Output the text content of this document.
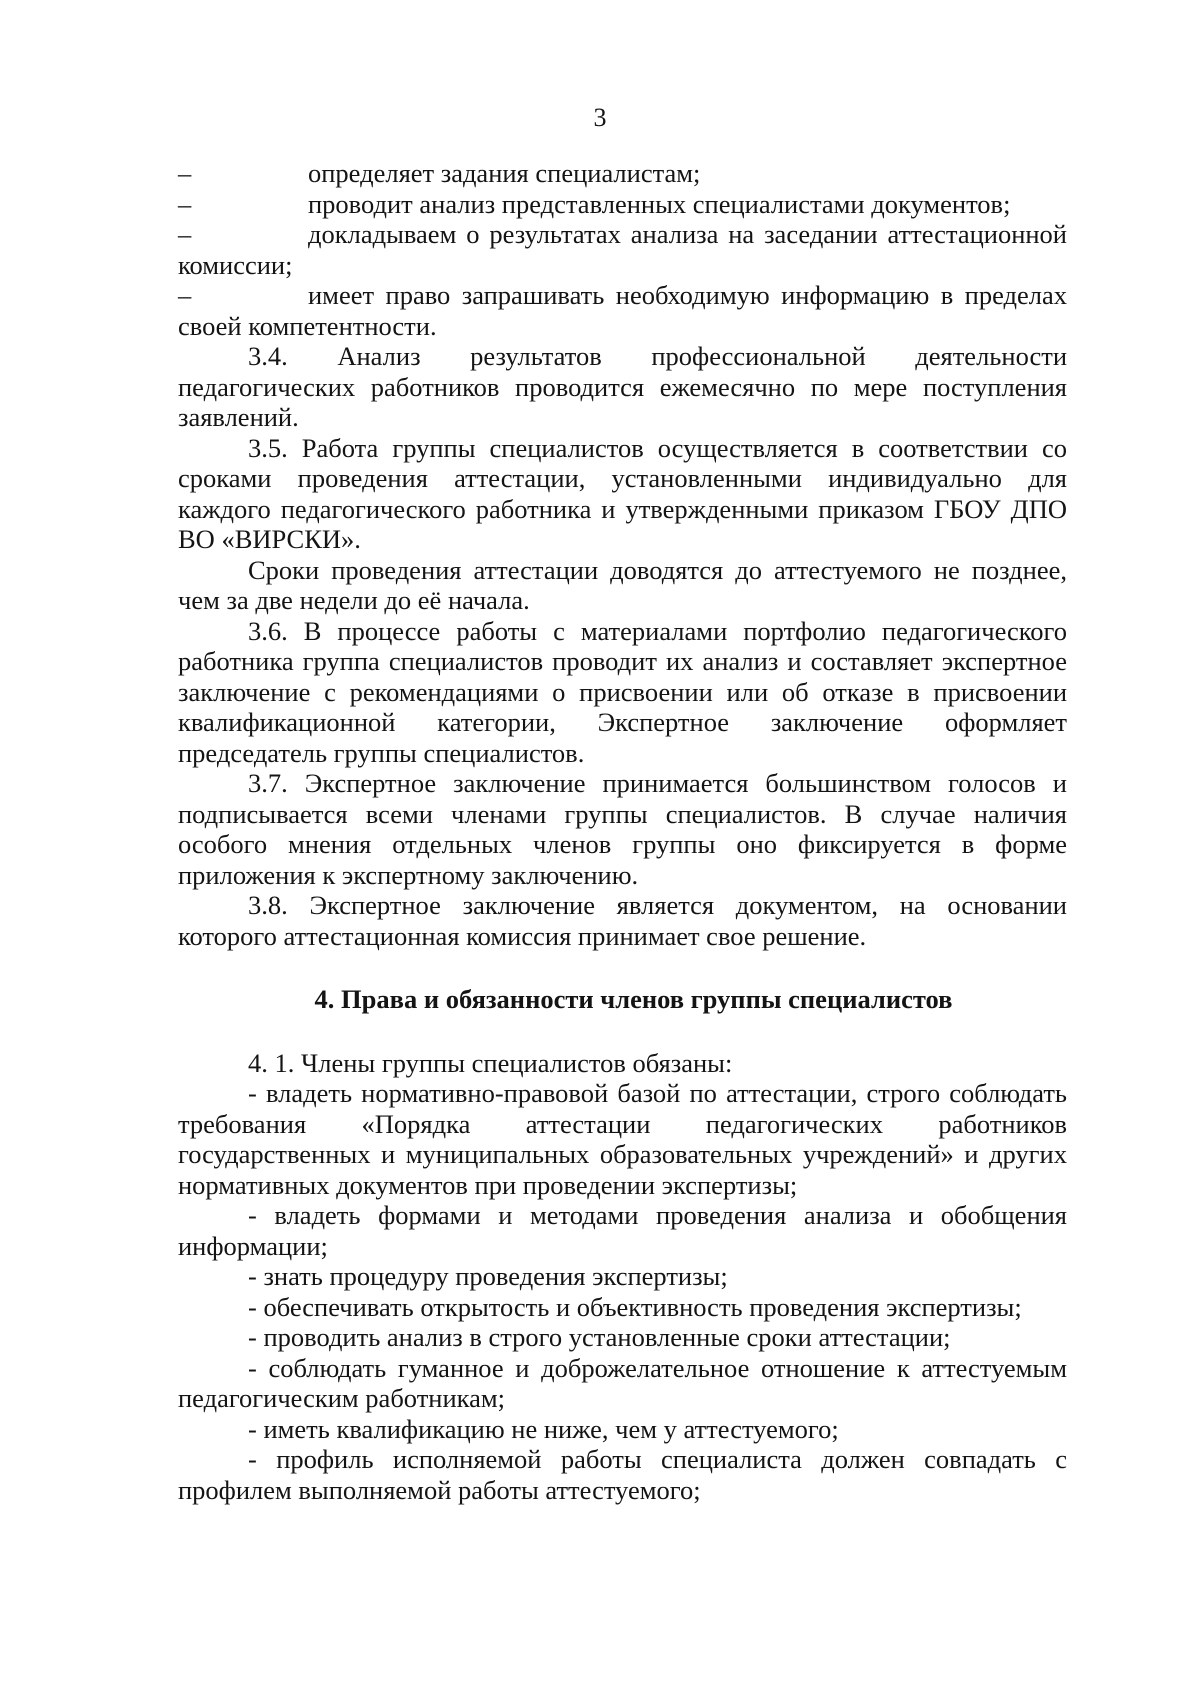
3

–	определяет задания специалистам;

–	проводит анализ представленных специалистами документов;

–	докладываем о результатах анализа на заседании аттестационной комиссии;

–	имеет право запрашивать необходимую информацию в пределах своей компетентности.

3.4. Анализ результатов профессиональной деятельности педагогических работников проводится ежемесячно по мере поступления заявлений.

3.5. Работа группы специалистов осуществляется в соответствии со сроками проведения аттестации, установленными индивидуально для каждого педагогического работника и утвержденными приказом ГБОУ ДПО ВО «ВИРСКИ».

Сроки проведения аттестации доводятся до аттестуемого не позднее, чем за две недели до её начала.

3.6. В процессе работы с материалами портфолио педагогического работника группа специалистов проводит их анализ и составляет экспертное заключение с рекомендациями о присвоении или об отказе в присвоении квалификационной категории, Экспертное заключение оформляет председатель группы специалистов.

3.7. Экспертное заключение принимается большинством голосов и подписывается всеми членами группы специалистов. В случае наличия особого мнения отдельных членов группы оно фиксируется в форме приложения к экспертному заключению.

3.8. Экспертное заключение является документом, на основании которого аттестационная комиссия принимает свое решение.

4. Права и обязанности членов группы специалистов

4. 1. Члены группы специалистов обязаны:

- владеть нормативно-правовой базой по аттестации, строго соблюдать требования «Порядка аттестации педагогических работников государственных и муниципальных образовательных учреждений» и других нормативных документов при проведении экспертизы;

- владеть формами и методами проведения анализа и обобщения информации;

- знать процедуру проведения экспертизы;

- обеспечивать открытость и объективность проведения экспертизы;

- проводить анализ в строго установленные сроки аттестации;

- соблюдать гуманное и доброжелательное отношение к аттестуемым педагогическим работникам;

- иметь квалификацию не ниже, чем у аттестуемого;

- профиль исполняемой работы специалиста должен совпадать с профилем выполняемой работы аттестуемого;
